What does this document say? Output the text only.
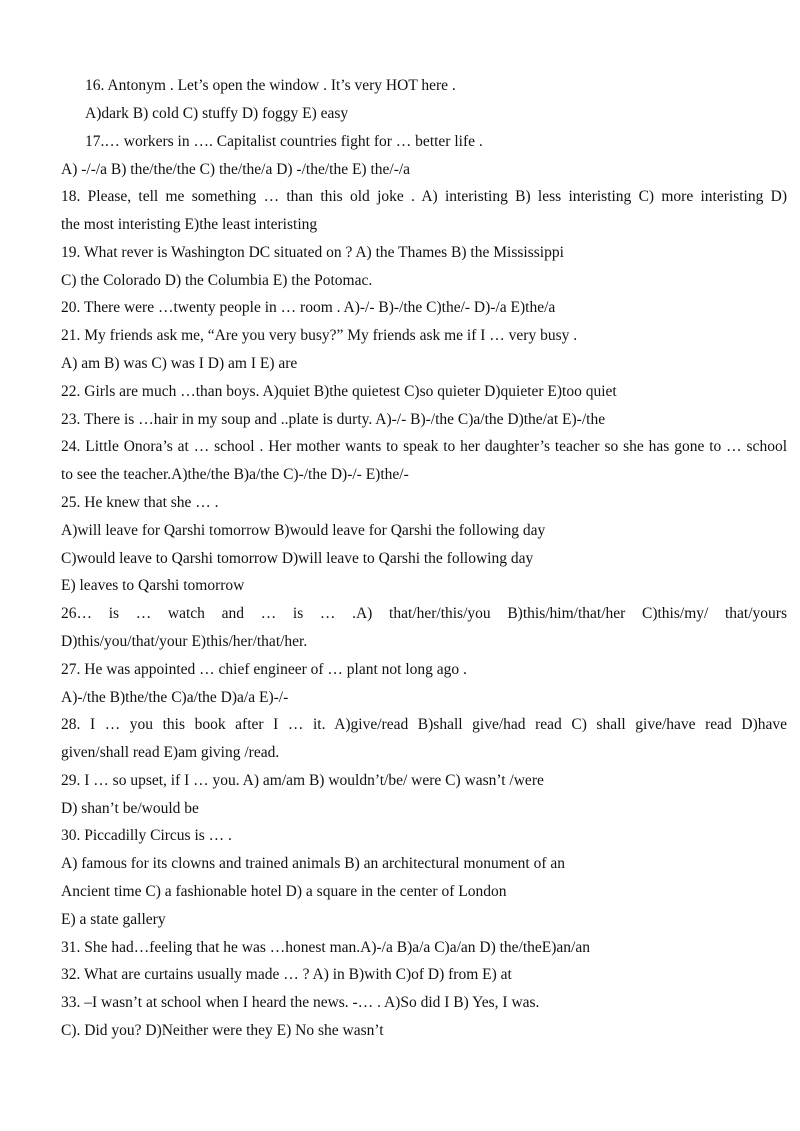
16. Antonym . Let’s open the window . It’s very HOT here .
A)dark B) cold C) stuffy D) foggy E) easy
17.… workers in …. Capitalist countries fight for … better life .
A) -/-/a B) the/the/the C) the/the/a D) -/the/the E) the/-/a
18. Please, tell me something … than this old joke . A) interisting B) less interisting C) more interisting D)
the most interisting E)the least interisting
19. What rever is Washington DC situated on ? A) the Thames B) the Mississippi
C) the Colorado D) the Columbia E) the Potomac.
20. There were …twenty people in … room . A)-/- B)-/the C)the/- D)-/a E)the/a
21. My friends ask me, “Are you very busy?” My friends ask me if I … very busy .
A) am B) was C) was I D) am I E) are
22. Girls are much …than boys. A)quiet B)the quietest C)so quieter D)quieter E)too quiet
23. There is …hair in my soup and ..plate is durty. A)-/- B)-/the C)a/the D)the/at E)-/the
24. Little Onora’s at … school . Her mother wants to speak to her daughter’s teacher so she has gone to … school
to see the teacher.A)the/the B)a/the C)-/the D)-/- E)the/-
25. He knew that she … .
A)will leave for Qarshi tomorrow B)would leave for Qarshi the following day
C)would leave to Qarshi tomorrow D)will leave to Qarshi the following day
E) leaves to Qarshi tomorrow
26… is … watch and … is … .A) that/her/this/you B)this/him/that/her C)this/my/ that/yours
D)this/you/that/your E)this/her/that/her.
27. He was appointed … chief engineer of … plant not long ago .
A)-/the B)the/the C)a/the D)a/a E)-/-
28. I … you this book after I … it. A)give/read B)shall give/had read C) shall give/have read D)have
given/shall read E)am giving /read.
29. I … so upset, if I … you. A) am/am B) wouldn’t/be/ were C) wasn’t /were
D) shan’t be/would be
30. Piccadilly Circus is … .
A) famous for its clowns and trained animals B) an architectural monument of an
Ancient time C) a fashionable hotel D) a square in the center of London
E) a state gallery
31. She had…feeling that he was …honest man.A)-/a B)a/a C)a/an D) the/theE)an/an
32. What are curtains usually made … ? A) in B)with C)of D) from E) at
33. –I wasn’t at school when I heard the news. -… . A)So did I B) Yes, I was.
C). Did you? D)Neither were they E) No she wasn’t
